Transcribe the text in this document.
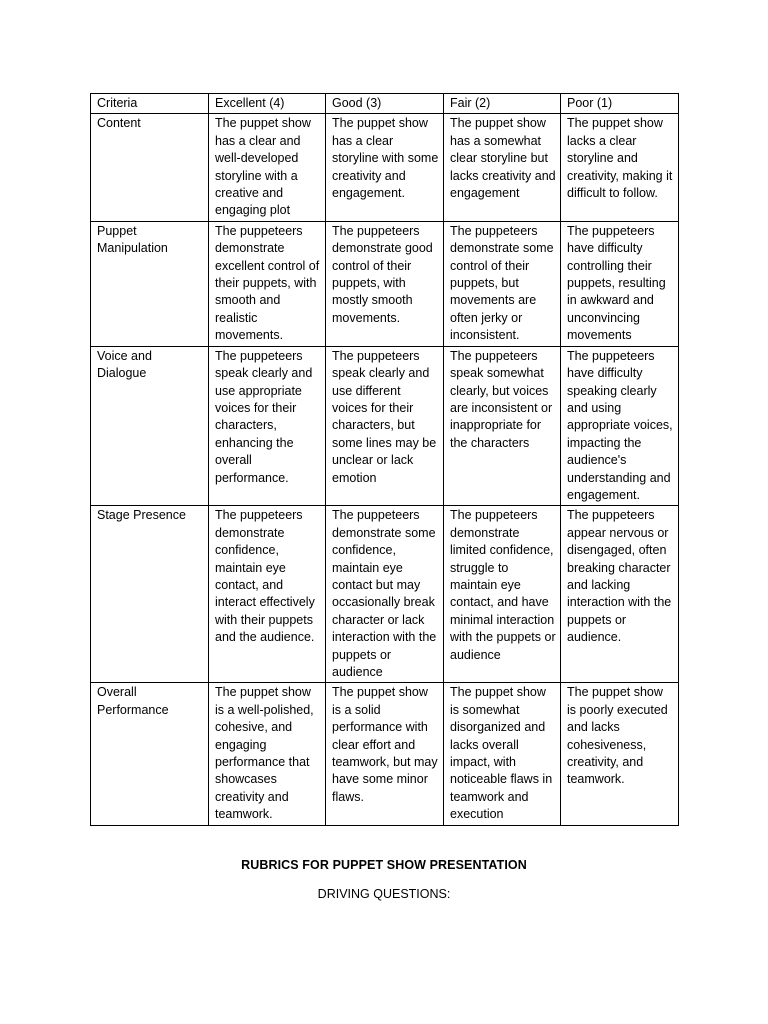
Criteria	Excellent (4)	Good (3)	Fair (2)	Poor (1)
Content	The puppet show has a clear and well-developed storyline with a creative and engaging plot	The puppet show has a clear storyline with some creativity and engagement.	The puppet show has a somewhat clear storyline but lacks creativity and engagement	The puppet show lacks a clear storyline and creativity, making it difficult to follow.
Puppet Manipulation	The puppeteers demonstrate excellent control of their puppets, with smooth and realistic movements.	The puppeteers demonstrate good control of their puppets, with mostly smooth movements.	The puppeteers demonstrate some control of their puppets, but movements are often jerky or inconsistent.	The puppeteers have difficulty controlling their puppets, resulting in awkward and unconvincing movements
Voice and Dialogue	The puppeteers speak clearly and use appropriate voices for their characters, enhancing the overall performance.	The puppeteers speak clearly and use different voices for their characters, but some lines may be unclear or lack emotion	The puppeteers speak somewhat clearly, but voices are inconsistent or inappropriate for the characters	The puppeteers have difficulty speaking clearly and using appropriate voices, impacting the audience's understanding and engagement.
Stage Presence	The puppeteers demonstrate confidence, maintain eye contact, and interact effectively with their puppets and the audience.	The puppeteers demonstrate some confidence, maintain eye contact but may occasionally break character or lack interaction with the puppets or audience	The puppeteers demonstrate limited confidence, struggle to maintain eye contact, and have minimal interaction with the puppets or audience	The puppeteers appear nervous or disengaged, often breaking character and lacking interaction with the puppets or audience.
Overall Performance	The puppet show is a well-polished, cohesive, and engaging performance that showcases creativity and teamwork.	The puppet show is a solid performance with clear effort and teamwork, but may have some minor flaws.	The puppet show is somewhat disorganized and lacks overall impact, with noticeable flaws in teamwork and execution	The puppet show is poorly executed and lacks cohesiveness, creativity, and teamwork.
RUBRICS FOR PUPPET SHOW PRESENTATION
DRIVING QUESTIONS:
